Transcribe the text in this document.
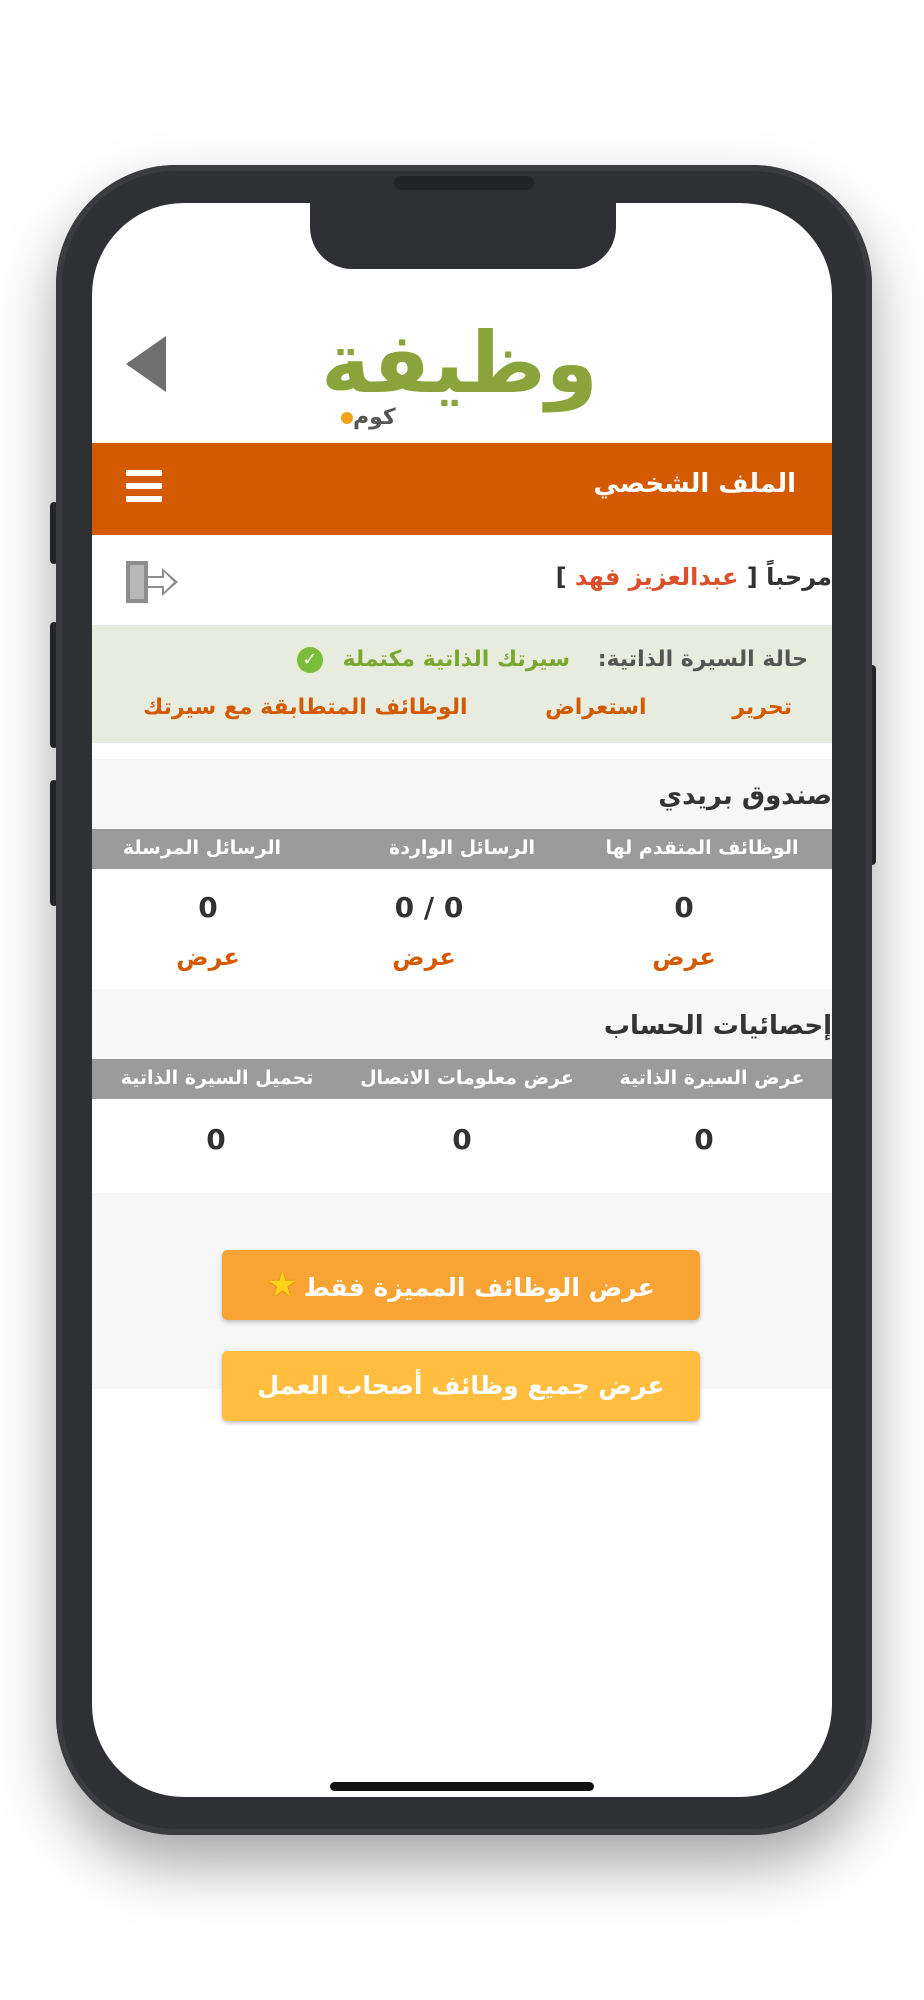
وظيفة
كوم
الملف الشخصي
مرحباً [ عبدالعزيز فهد ]
حالة السيرة الذاتية: سيرتك الذاتية مكتملة ✓
تحرير استعراض الوظائف المتطابقة مع سيرتك
صندوق بريدي
الوظائف المتقدم لها
الرسائل الواردة
الرسائل المرسلة
0
0 / 0
0
عرض
عرض
عرض
إحصائيات الحساب
عرض السيرة الذاتية
عرض معلومات الاتصال
تحميل السيرة الذاتية
0
0
0
عرض الوظائف المميزة فقط★
عرض جميع وظائف أصحاب العمل
